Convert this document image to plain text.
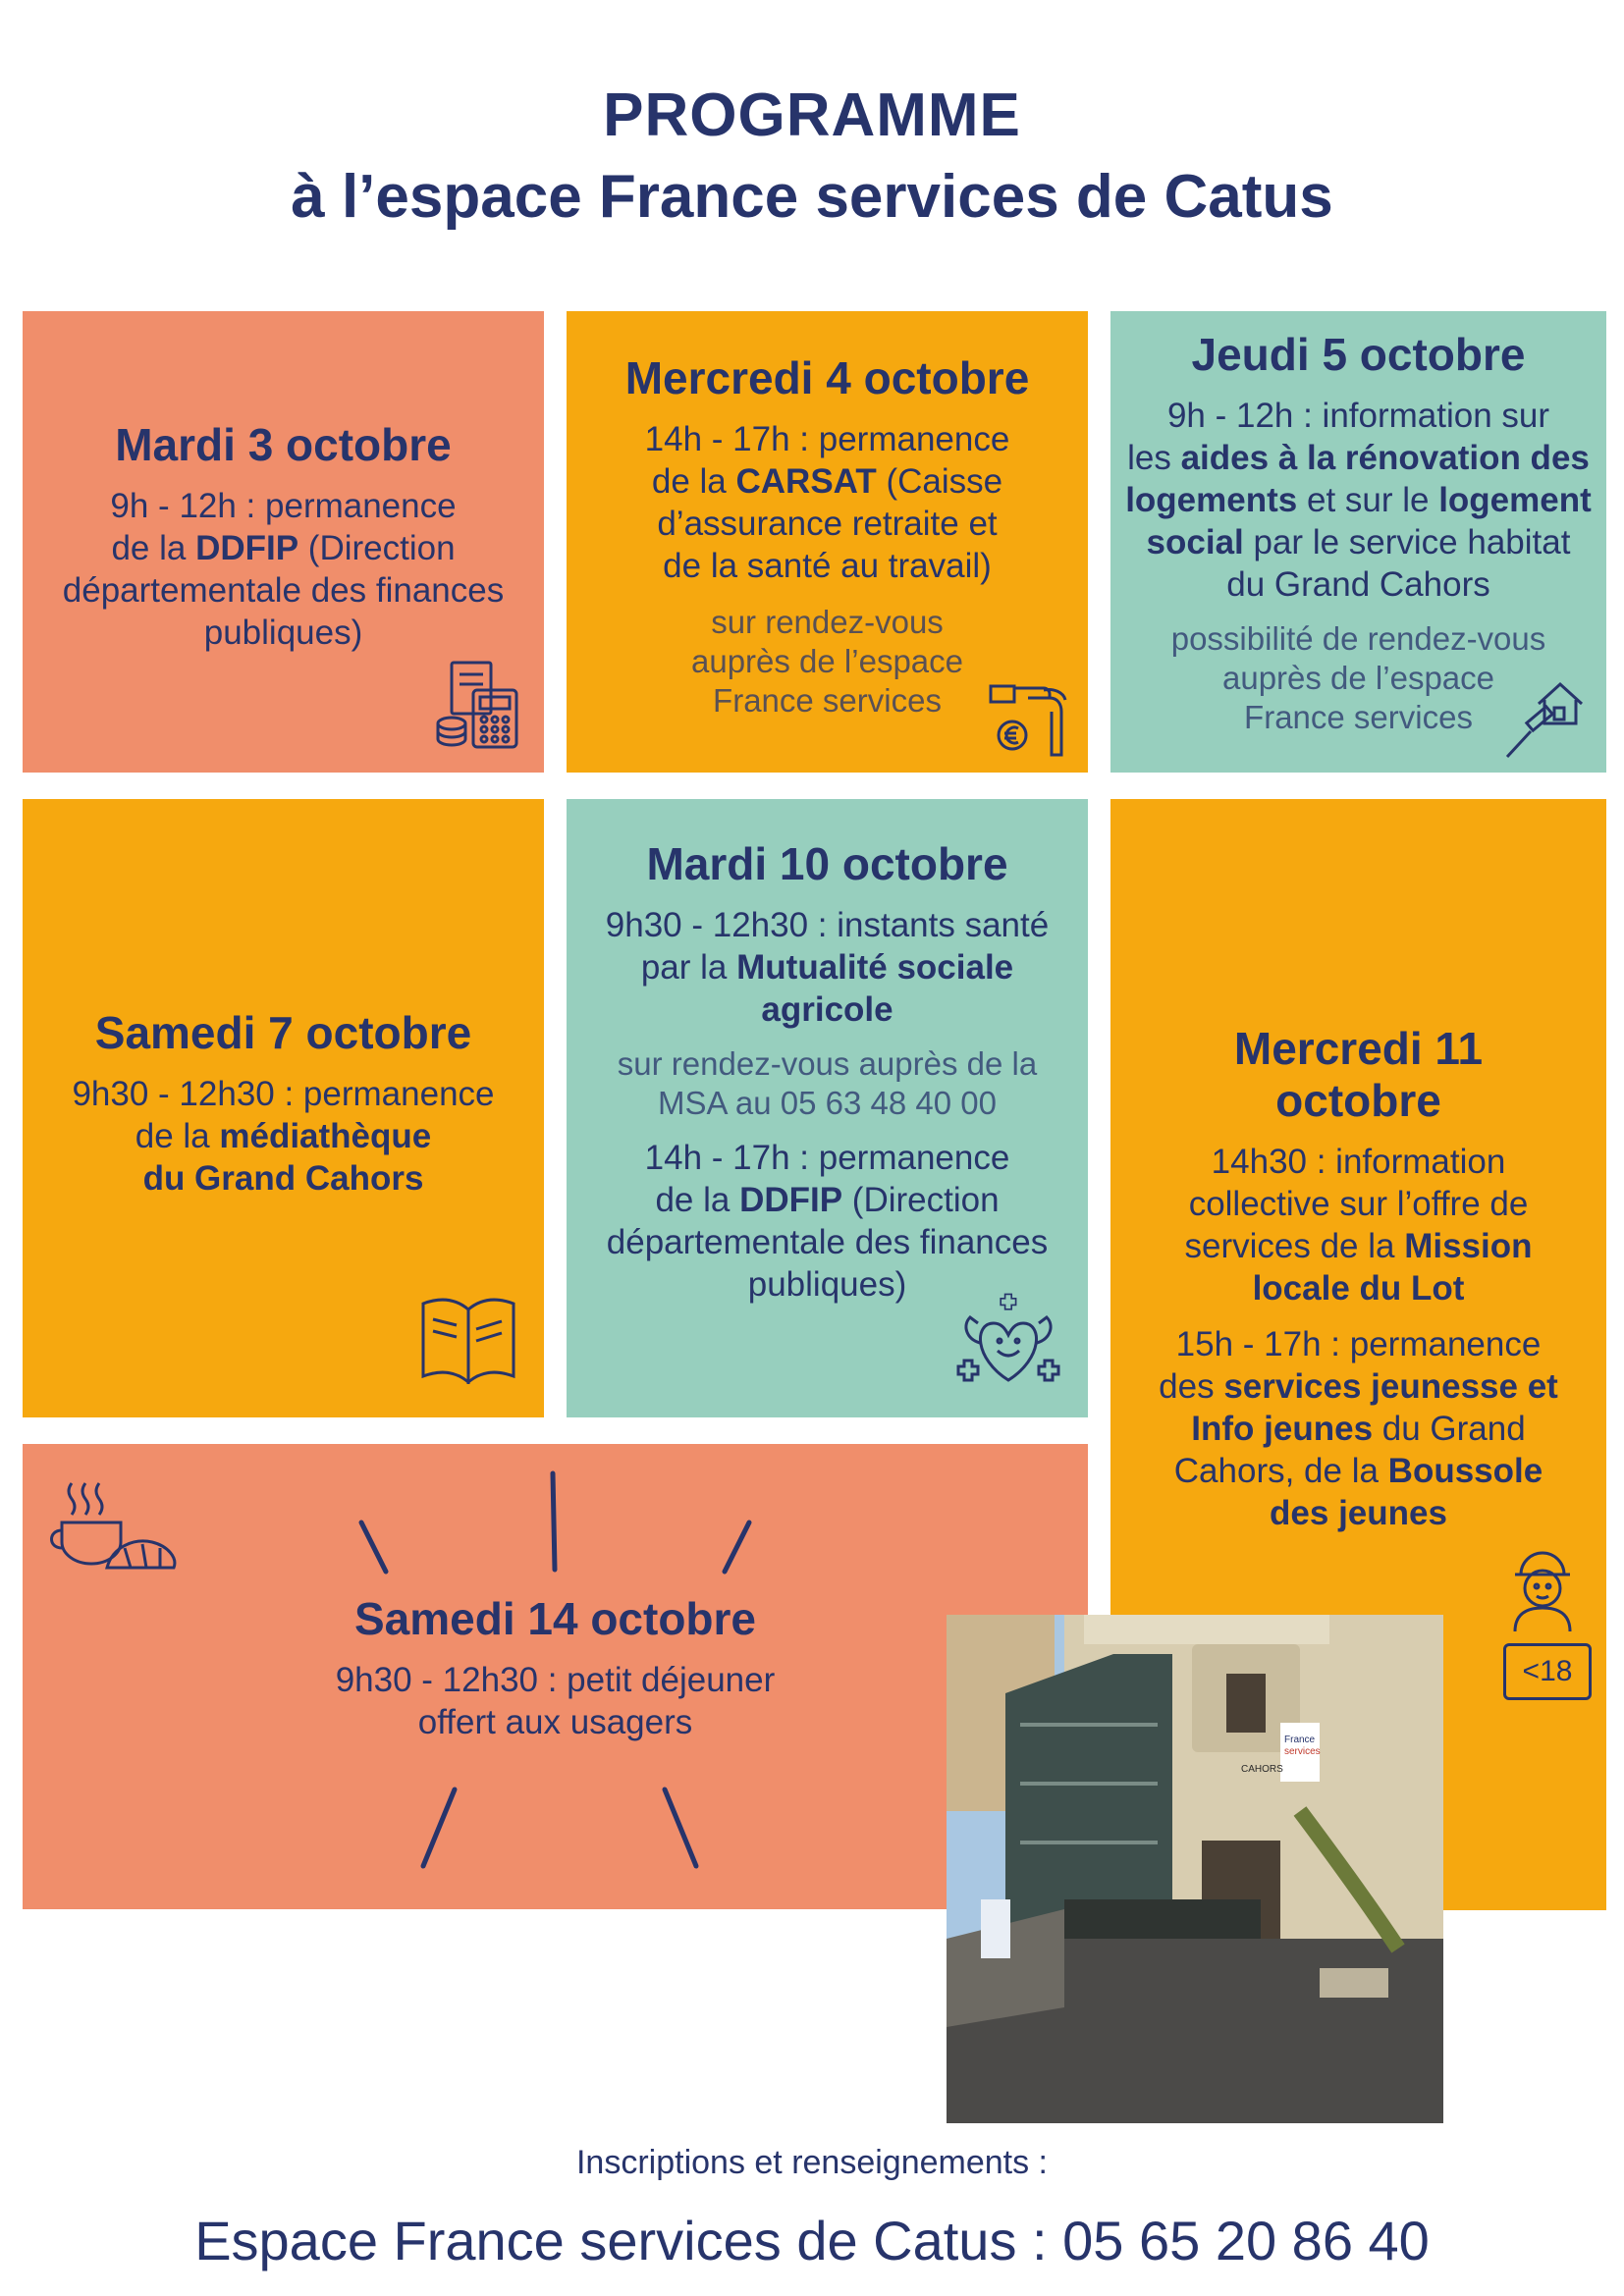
PROGRAMME
à l’espace France services de Catus
Mardi 3 octobre

9h - 12h : permanence

de la DDFIP (Direction

départementale des finances

publiques)

Mercredi 4 octobre

14h - 17h : permanence

de la CARSAT (Caisse

d’assurance retraite et

de la santé au travail)

sur rendez-vous

auprès de l’espace

France services

Jeudi 5 octobre

9h - 12h : information sur

les aides à la rénovation des

logements et sur le logement

social par le service habitat

du Grand Cahors

possibilité de rendez-vous

auprès de l’espace

France services

Samedi 7 octobre

9h30 - 12h30 : permanence

de la médiathèque

du Grand Cahors

Mardi 10 octobre

9h30 - 12h30 : instants santé

par la Mutualité sociale

agricole

sur rendez-vous auprès de la

MSA au 05 63 48 40 00

14h - 17h : permanence

de la DDFIP (Direction

départementale des finances

publiques)

Mercredi 11
octobre

14h30 : information

collective sur l’offre de

services de la Mission

locale du Lot

15h - 17h : permanence

des services jeunesse et

Info jeunes du Grand

Cahors, de la Boussole

des jeunes

<18
Samedi 14 octobre

9h30 - 12h30 : petit déjeuner

offert aux usagers	France
services
CAHORS
Inscriptions et renseignements :
Espace France services de Catus : 05 65 20 86 40
